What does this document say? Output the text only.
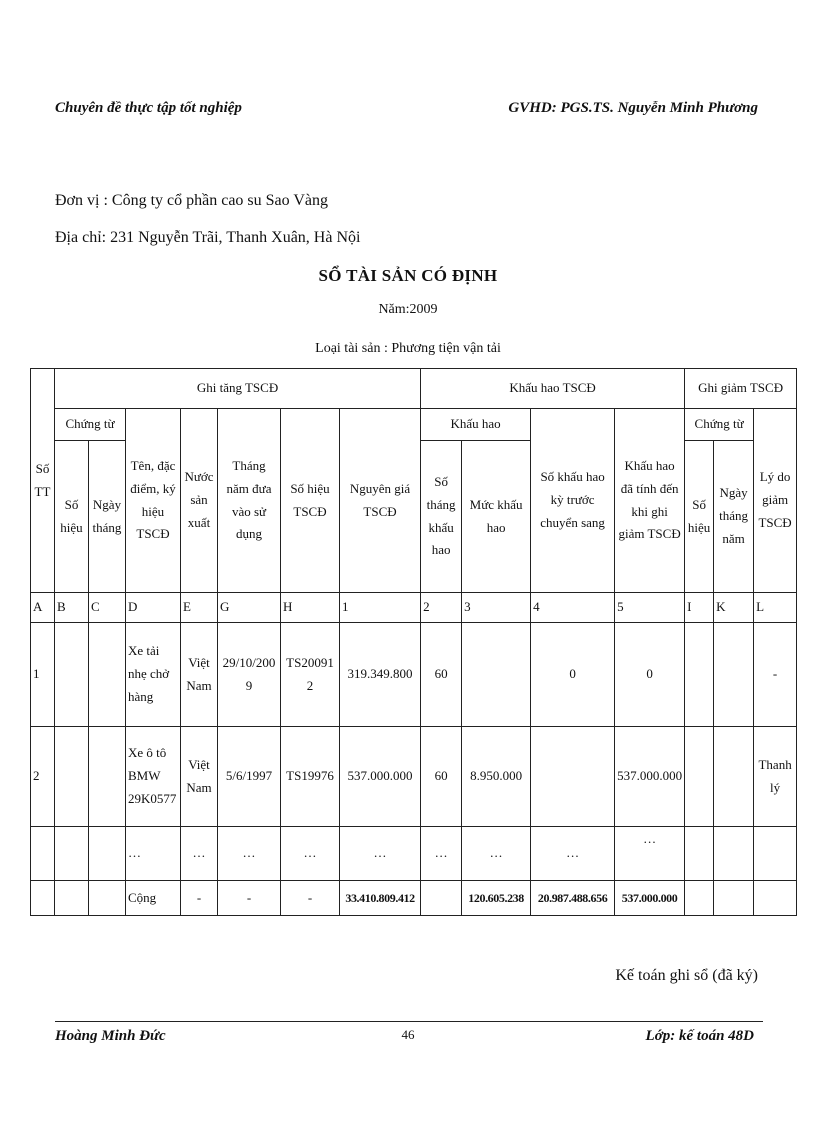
Chuyên đề thực tập tốt nghiệp	GVHD: PGS.TS. Nguyễn Minh Phương
Đơn vị : Công ty cổ phần cao su Sao Vàng
Địa chỉ: 231 Nguyễn Trãi, Thanh Xuân, Hà Nội
SỔ TÀI SẢN CÓ ĐỊNH
Năm:2009
Loại tài sản : Phương tiện vận tải
Số TT	Ghi tăng TSCĐ							Khấu hao TSCĐ				Ghi giảm TSCĐ		
	Chứng từ		Tên, đặc điểm, ký hiệu TSCĐ	Nước sản xuất	Tháng năm đưa vào sử dụng	Số hiệu TSCĐ	Nguyên giá TSCĐ	Khấu hao		Số khấu hao kỳ trước chuyển sang	Khấu hao đã tính đến khi ghi giảm TSCĐ	Chứng từ		Lý do giảm TSCĐ
	Số hiệu	Ngày tháng						Số tháng khấu hao	Mức khấu hao			Số hiệu	Ngày tháng năm	
A	B	C	D	E	G	H	1	2	3	4	5	I	K	L
1			Xe tải nhẹ chở hàng	Việt Nam	29/10/2009	TS200912	319.349.800	60		0	0			-
2			Xe ô tô BMW 29K0577	Việt Nam	5/6/1997	TS19976	537.000.000	60	8.950.000		537.000.000			Thanh lý
			…	…	…	…	…	…	…	…	…			
			Cộng	-	-	-	33.410.809.412		120.605.238	20.987.488.656	537.000.000			
Kế toán ghi sổ (đã ký)
Hoàng Minh Đức	46	Lớp: kế toán 48D
